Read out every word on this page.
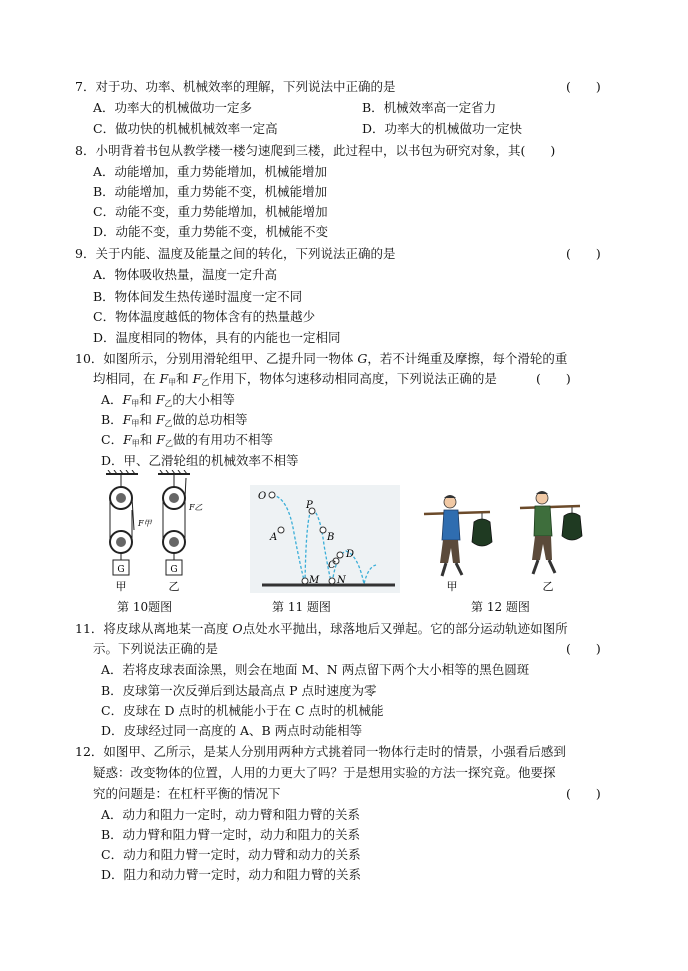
7．对于功、功率、机械效率的理解，下列说法中正确的是	(　　)
A．功率大的机械做功一定多	B．机械效率高一定省力
C．做功快的机械机械效率一定高	D．功率大的机械做功一定快
8．小明背着书包从教学楼一楼匀速爬到三楼，此过程中，以书包为研究对象，其(　　)
A．动能增加，重力势能增加，机械能增加
B．动能增加，重力势能不变，机械能增加
C．动能不变，重力势能增加，机械能增加
D．动能不变，重力势能不变，机械能不变
9．关于内能、温度及能量之间的转化，下列说法正确的是	(　　)
A．物体吸收热量，温度一定升高
B．物体间发生热传递时温度一定不同
C．物体温度越低的物体含有的热量越少
D．温度相同的物体，具有的内能也一定相同
10．如图所示，分别用滑轮组甲、乙提升同一物体 G，若不计绳重及摩擦，每个滑轮的重
均相同，在 $F_甲$和 $F_乙$作用下，物体匀速移动相同高度，下列说法正确的是	(　　)
A．$F_甲$和 $F_乙$的大小相等
B．$F_甲$和 $F_乙$做的总功相等
C．$F_甲$和 $F_乙$做的有用功不相等
D．甲、乙滑轮组的机械效率不相等
G
F甲
G
F乙
甲	乙
O
A	B
P
C
D
M N	甲	乙
第 10题图	第 11 题图	第 12 题图
11．将皮球从离地某一高度 O点处水平抛出，球落地后又弹起。它的部分运动轨迹如图所
示。下列说法正确的是	(　　)
A．若将皮球表面涂黑，则会在地面 M、N 两点留下两个大小相等的黑色圆斑
B．皮球第一次反弹后到达最高点 P 点时速度为零
C．皮球在 D 点时的机械能小于在 C 点时的机械能
D．皮球经过同一高度的 A、B 两点时动能相等
12．如图甲、乙所示，是某人分别用两种方式挑着同一物体行走时的情景，小强看后感到
疑惑：改变物体的位置，人用的力更大了吗？于是想用实验的方法一探究竟。他要探
究的问题是：在杠杆平衡的情况下	(　　)
A．动力和阻力一定时，动力臂和阻力臂的关系
B．动力臂和阻力臂一定时，动力和阻力的关系
C．动力和阻力臂一定时，动力臂和动力的关系
D．阻力和动力臂一定时，动力和阻力臂的关系
